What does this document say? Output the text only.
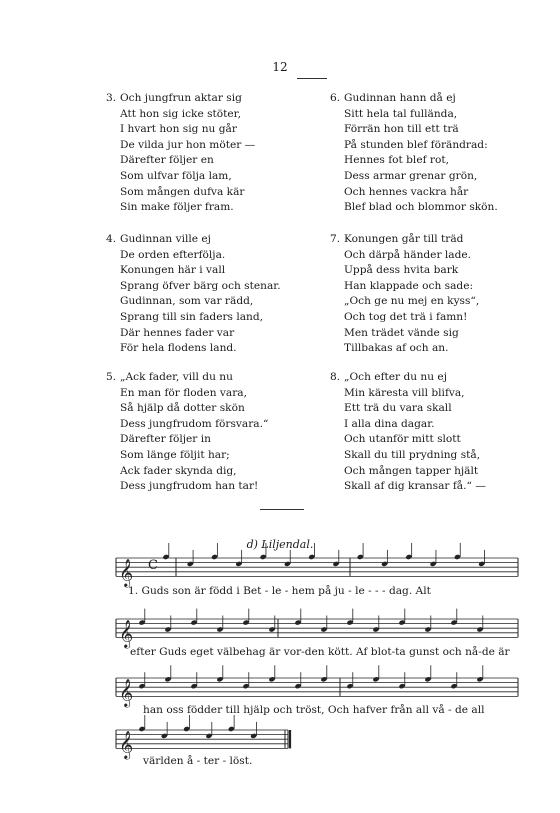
12
3. Och jungfrun aktar sig
Att hon sig icke stöter,
I hvart hon sig nu går
De vilda jur hon möter —
Därefter följer en
Som ulfvar följa lam,
Som mången dufva kär
Sin make följer fram.
4. Gudinnan ville ej
De orden efterfölja.
Konungen här i vall
Sprang öfver bärg och stenar.
Gudinnan, som var rädd,
Sprang till sin faders land,
Där hennes fader var
För hela flodens land.
5. „Ack fader, vill du nu
En man för floden vara,
Så hjälp då dotter skön
Dess jungfrudom försvara.“
Därefter följer in
Som länge följit har;
Ack fader skynda dig,
Dess jungfrudom han tar!
6. Gudinnan hann då ej
Sitt hela tal fulländа,
Förrän hon till ett trä
På stunden blef förändrad:
Hennes fot blef rot,
Dess armar grenar grön,
Och hennes vackra hår
Blef blad och blommor skön.
7. Konungen går till träd
Och därpå händer lade.
Uppå dess hvita bark
Han klappade och sade:
„Och ge nu mej en kyss“,
Och tog det trä i famn!
Men trädet vände sig
Tillbakas af och an.
8. „Och efter du nu ej
Min käresta vill blifva,
Ett trä du vara skall
I alla dina dagar.
Och utanför mitt slott
Skall du till prydning stå,
Och mången tapper hjält
Skall af dig kransar få.“ —
d) Liljendal.
𝄞
𝄞
𝄞
𝄞
C
1. Guds son är född i Bet - le - hem på ju - le - - - dag. Alt
efter Guds eget välbehag är vor-den kött. Af blot-ta gunst och nå-de är
han oss födder till hjälp och tröst, Och hafver från all vå - de all
världen å - ter - löst.
